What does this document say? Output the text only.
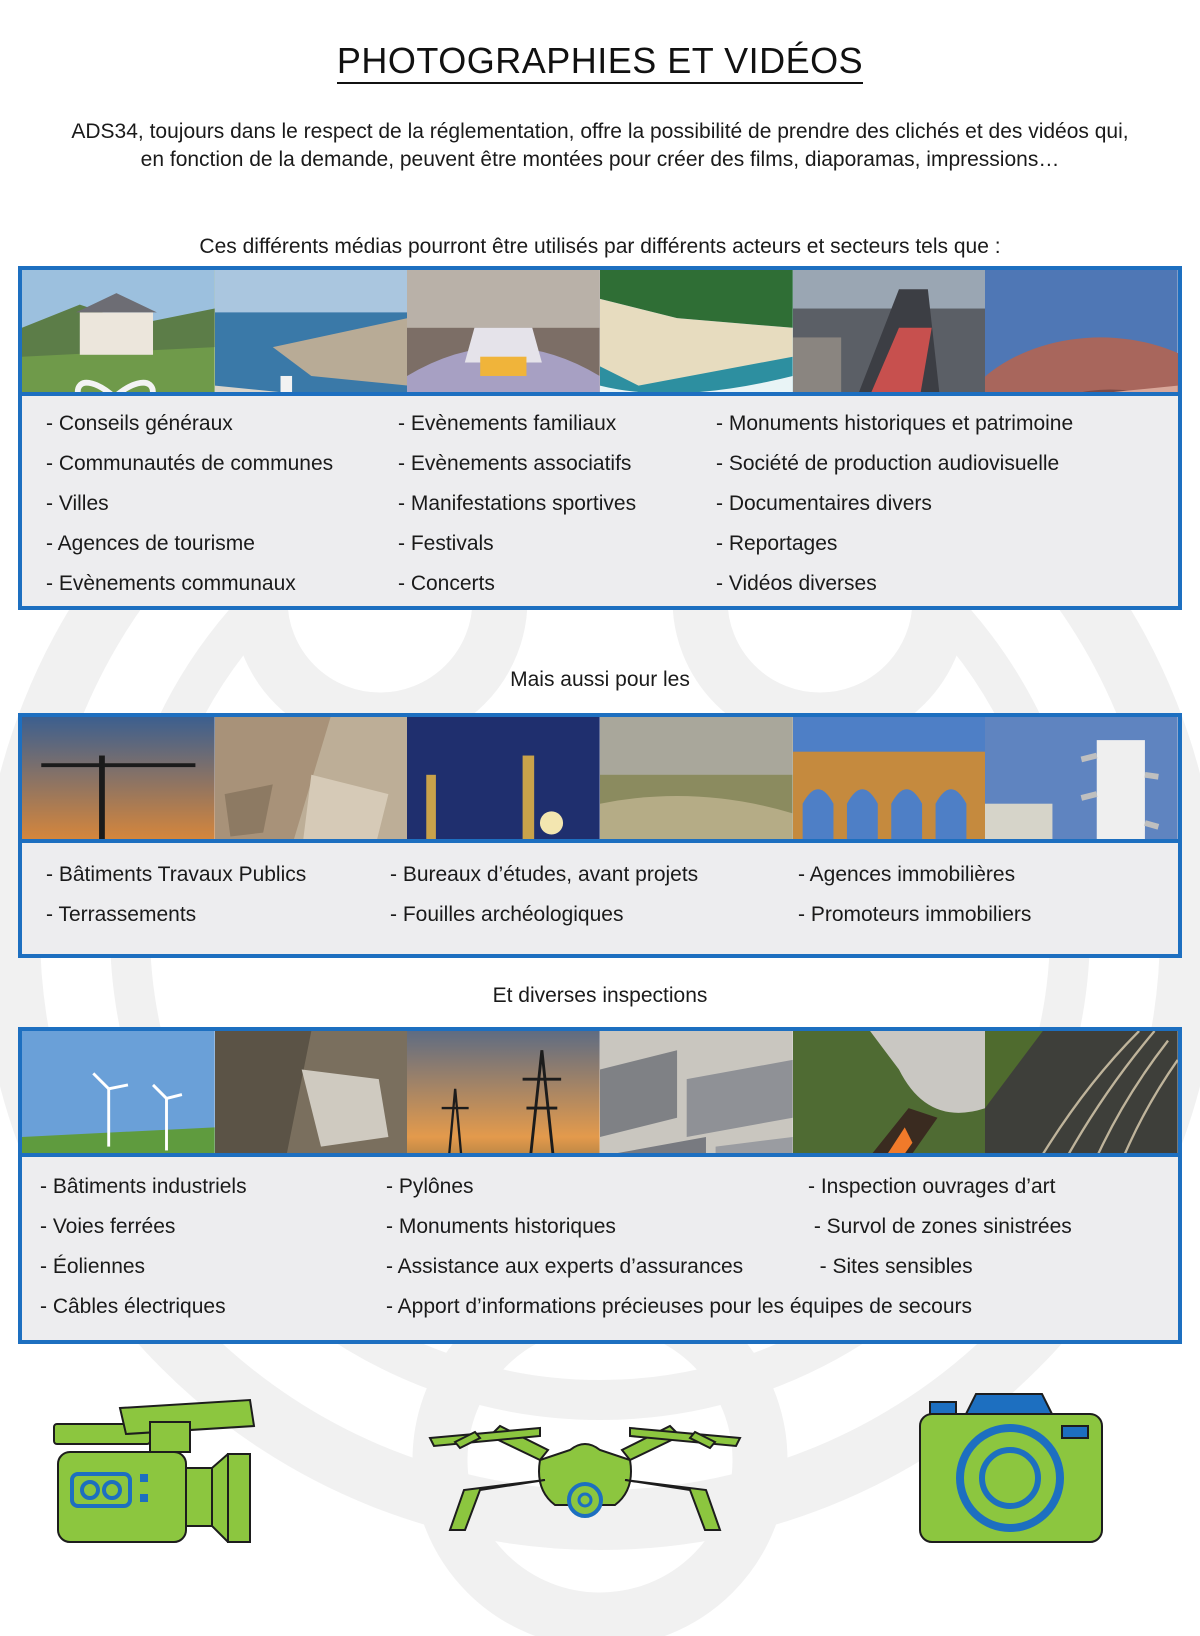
PHOTOGRAPHIES ET VIDÉOS
ADS34, toujours dans le respect de la réglementation, offre la possibilité de prendre des clichés et des vidéos qui, en fonction de la demande, peuvent être montées pour créer des films, diaporamas, impressions…
Ces différents médias pourront être utilisés par différents acteurs et secteurs tels que :
- Conseils généraux
- Communautés de communes
- Villes
- Agences de tourisme
- Evènements communaux
- Evènements familiaux
- Evènements associatifs
- Manifestations sportives
- Festivals
- Concerts
- Monuments historiques et patrimoine
- Société de production audiovisuelle
- Documentaires divers
- Reportages
- Vidéos diverses
Mais aussi pour les
- Bâtiments Travaux Publics
- Terrassements
- Bureaux d’études, avant projets
- Fouilles archéologiques
- Agences immobilières
- Promoteurs immobiliers
Et diverses inspections
- Bâtiments industriels
- Voies ferrées
- Éoliennes
- Câbles électriques
- Pylônes
- Monuments historiques
- Assistance aux experts d’assurances
- Apport d’informations précieuses pour les équipes de secours
- Inspection ouvrages d’art
- Survol de zones sinistrées
- Sites sensibles
